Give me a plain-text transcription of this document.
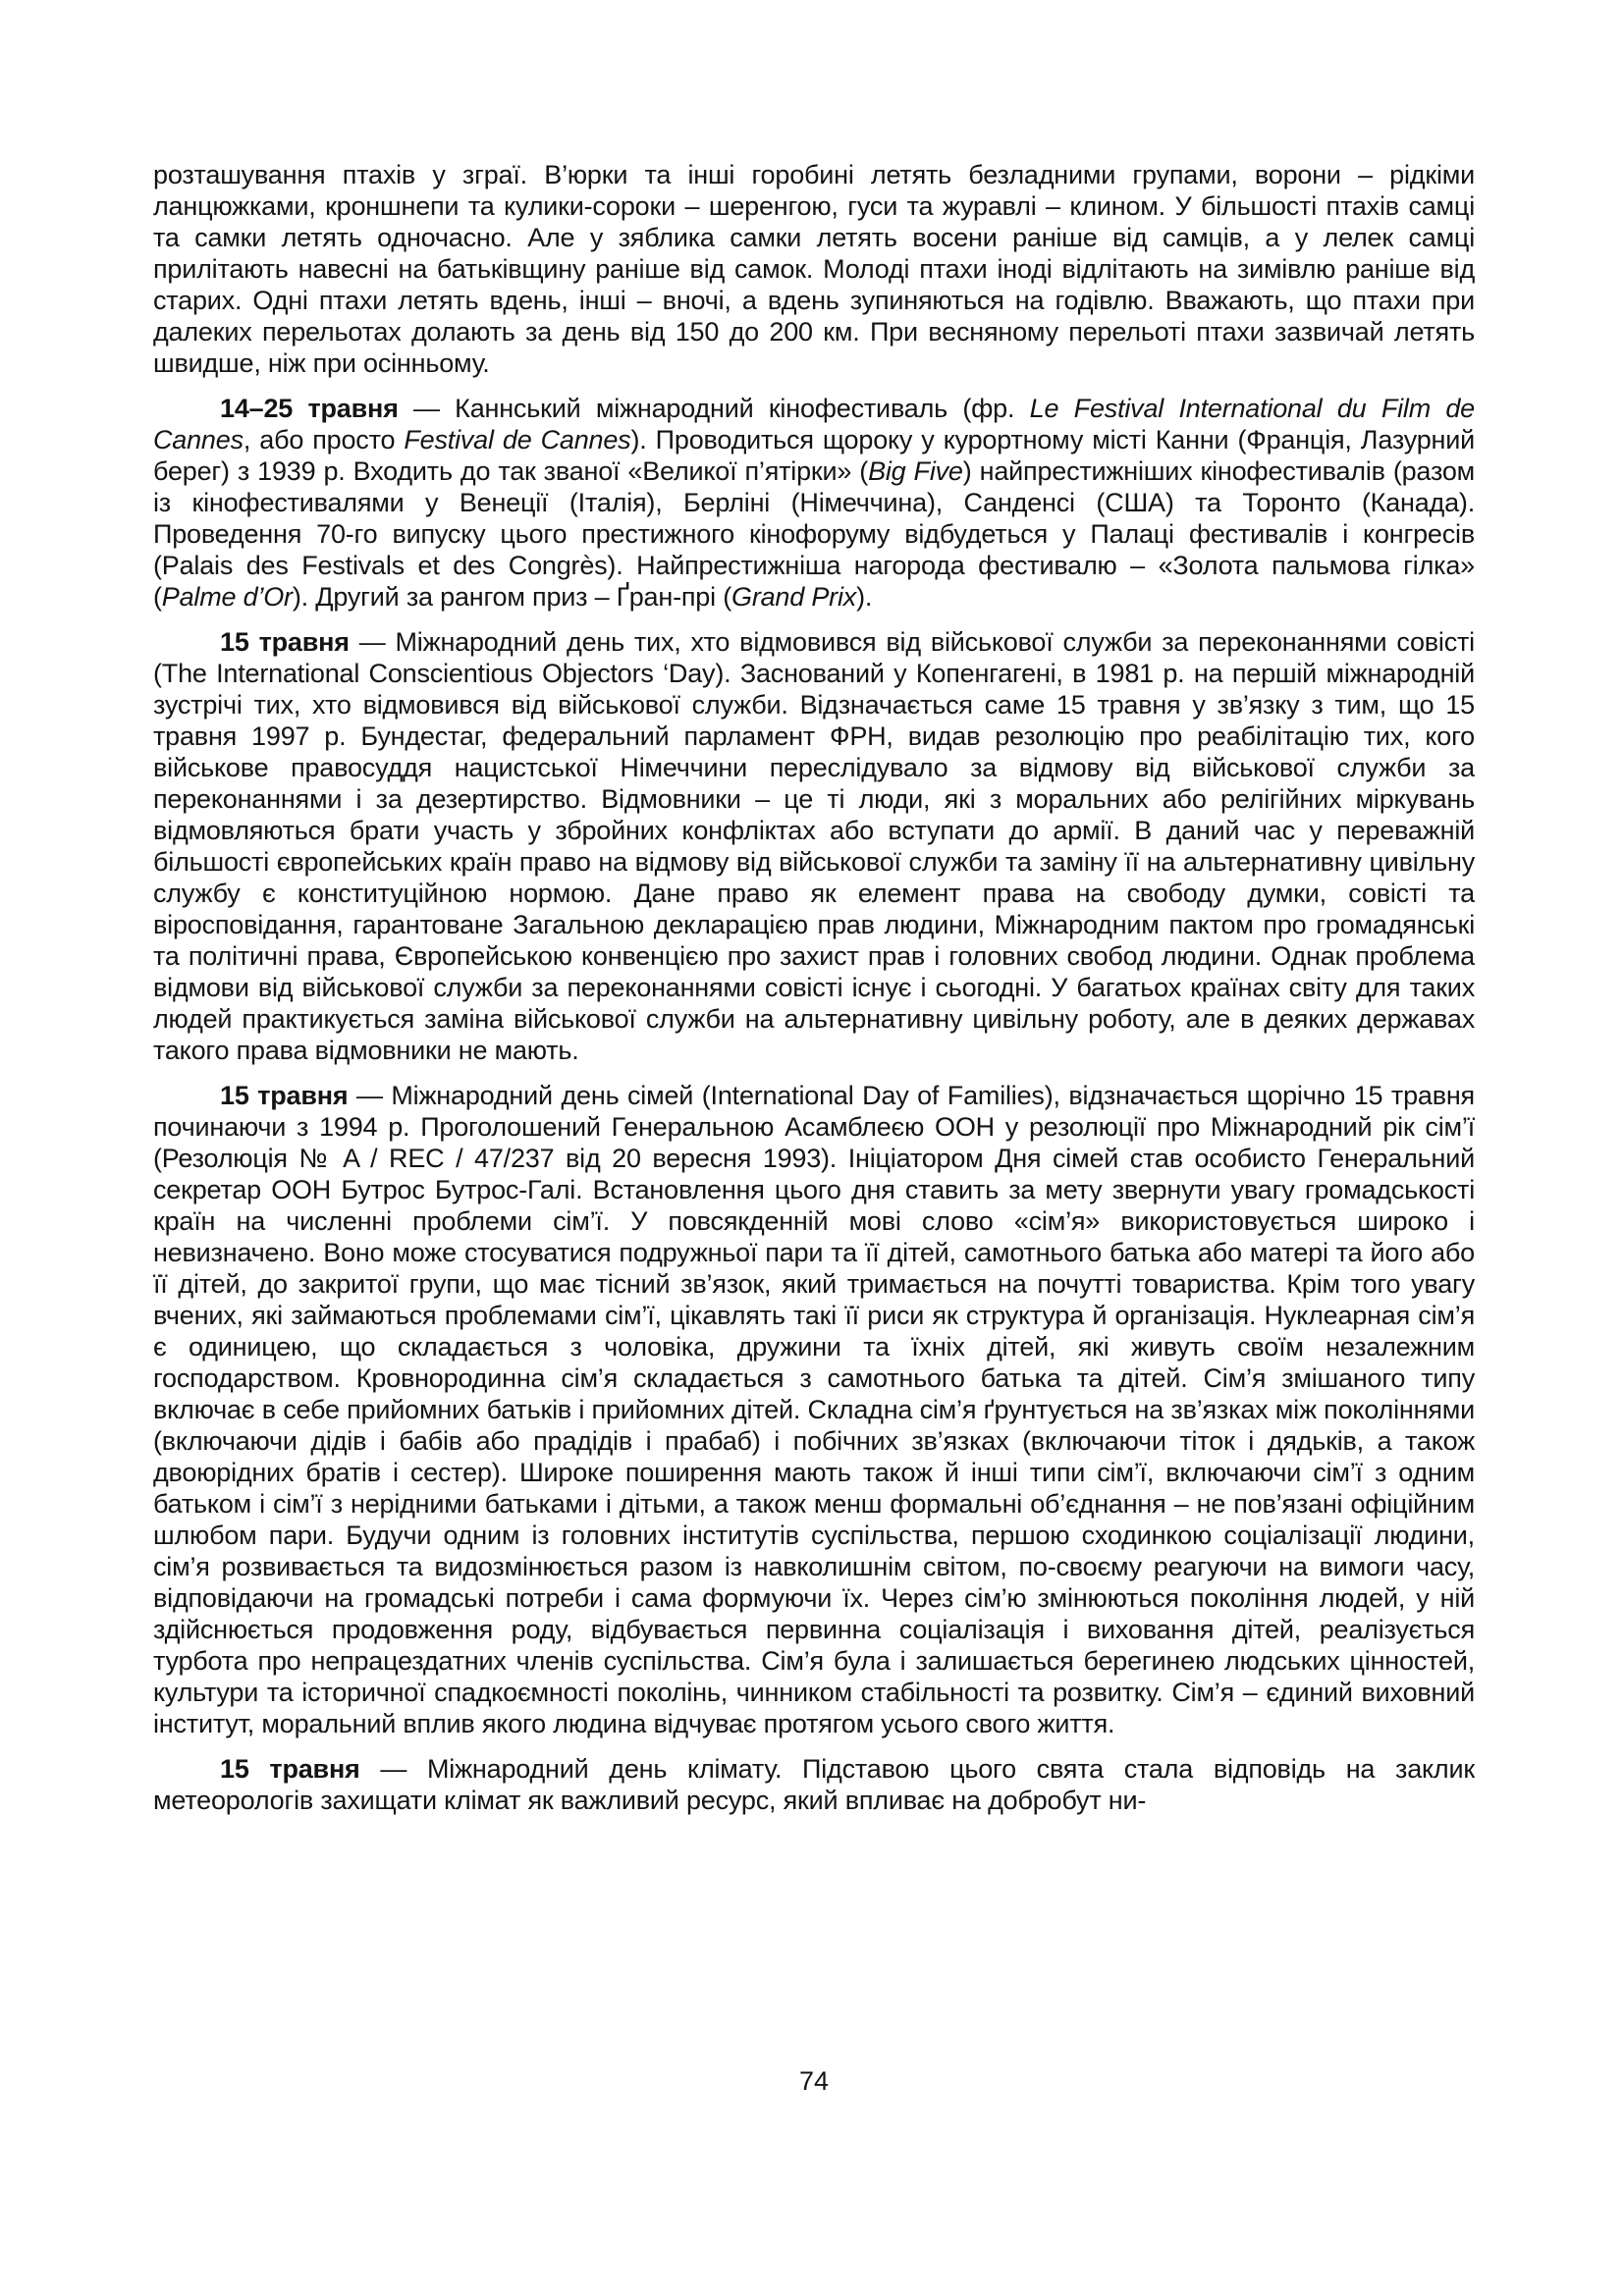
розташування птахів у зграї. В’юрки та інші горобині летять безладними групами, ворони – рідкіми ланцюжками, кроншнепи та кулики-сороки – шеренгою, гуси та журавлі – клином. У більшості птахів самці та самки летять одночасно. Але у зяблика самки летять восени раніше від самців, а у лелек самці прилітають навесні на батьківщину раніше від самок. Молоді птахи іноді відлітають на зимівлю раніше від старих. Одні птахи летять вдень, інші – вночі, а вдень зупиняються на годівлю. Вважають, що птахи при далеких перельотах долають за день від 150 до 200 км. При весняному перельоті птахи зазвичай летять швидше, ніж при осінньому.

14–25 травня — Каннський міжнародний кінофестиваль (фр. Le Festival International du Film de Cannes, або просто Festival de Cannes). Проводиться щороку у курортному місті Канни (Франція, Лазурний берег) з 1939 р. Входить до так званої «Великої п’ятірки» (Big Five) найпрестижніших кінофестивалів (разом із кінофестивалями у Венеції (Італія), Берліні (Німеччина), Санденсі (США) та Торонто (Канада). Проведення 70-го випуску цього престижного кінофоруму відбудеться у Палаці фестивалів і конгресів (Palais des Festivals et des Congrès). Найпрестижніша нагорода фестивалю – «Золота пальмова гілка» (Palme d’Or). Другий за рангом приз – Ґран-прі (Grand Prix).

15 травня — Міжнародний день тих, хто відмовився від військової служби за переконаннями совісті (The International Conscientious Objectors ‘Day). Заснований у Копенгагені, в 1981 р. на першій міжнародній зустрічі тих, хто відмовився від військової служби. Відзначається саме 15 травня у зв’язку з тим, що 15 травня 1997 р. Бундестаг, федеральний парламент ФРН, видав резолюцію про реабілітацію тих, кого військове правосуддя нацистської Німеччини переслідувало за відмову від військової служби за переконаннями і за дезертирство. Відмовники – це ті люди, які з моральних або релігійних міркувань відмовляються брати участь у збройних конфліктах або вступати до армії. В даний час у переважній більшості європейських країн право на відмову від військової служби та заміну її на альтернативну цивільну службу є конституційною нормою. Дане право як елемент права на свободу думки, совісті та віросповідання, гарантоване Загальною декларацією прав людини, Міжнародним пактом про громадянські та політичні права, Європейською конвенцією про захист прав і головних свобод людини. Однак проблема відмови від військової служби за переконаннями совісті існує і сьогодні. У багатьох країнах світу для таких людей практикується заміна військової служби на альтернативну цивільну роботу, але в деяких державах такого права відмовники не мають.

15 травня — Міжнародний день сімей (International Day of Families), відзначається щорічно 15 травня починаючи з 1994 р. Проголошений Генеральною Асамблеєю ООН у резолюції про Міжнародний рік сім’ї (Резолюція № A / REC / 47/237 від 20 вересня 1993). Ініціатором Дня сімей став особисто Генеральний секретар ООН Бутрос Бутрос-Галі. Встановлення цього дня ставить за мету звернути увагу громадськості країн на численні проблеми сім’ї. У повсякденній мові слово «сім’я» використовується широко і невизначено. Воно може стосуватися подружньої пари та її дітей, самотнього батька або матері та його або її дітей, до закритої групи, що має тісний зв’язок, який тримається на почутті товариства. Крім того увагу вчених, які займаються проблемами сім’ї, цікавлять такі її риси як структура й організація. Нуклеарная сім’я є одиницею, що складається з чоловіка, дружини та їхніх дітей, які живуть своїм незалежним господарством. Кровнородинна сім’я складається з самотнього батька та дітей. Сім’я змішаного типу включає в себе прийомних батьків і прийомних дітей. Складна сім’я ґрунтується на зв’язках між поколіннями (включаючи дідів і бабів або прадідів і прабаб) і побічних зв’язках (включаючи тіток і дядьків, а також двоюрідних братів і сестер). Широке поширення мають також й інші типи сім’ї, включаючи сім’ї з одним батьком і сім’ї з нерідними батьками і дітьми, а також менш формальні об’єднання – не пов’язані офіційним шлюбом пари. Будучи одним із головних інститутів суспільства, першою сходинкою соціалізації людини, сім’я розвивається та видозмінюється разом із навколишнім світом, по-своєму реагуючи на вимоги часу, відповідаючи на громадські потреби і сама формуючи їх. Через сім’ю змінюються покоління людей, у ній здійснюється продовження роду, відбувається первинна соціалізація і виховання дітей, реалізується турбота про непрацездатних членів суспільства. Сім’я була і залишається берегинею людських цінностей, культури та історичної спадкоємності поколінь, чинником стабільності та розвитку. Сім’я – єдиний виховний інститут, моральний вплив якого людина відчуває протягом усього свого життя.

15 травня — Міжнародний день клімату. Підставою цього свята стала відповідь на заклик метеорологів захищати клімат як важливий ресурс, який впливає на добробут ни-

74
